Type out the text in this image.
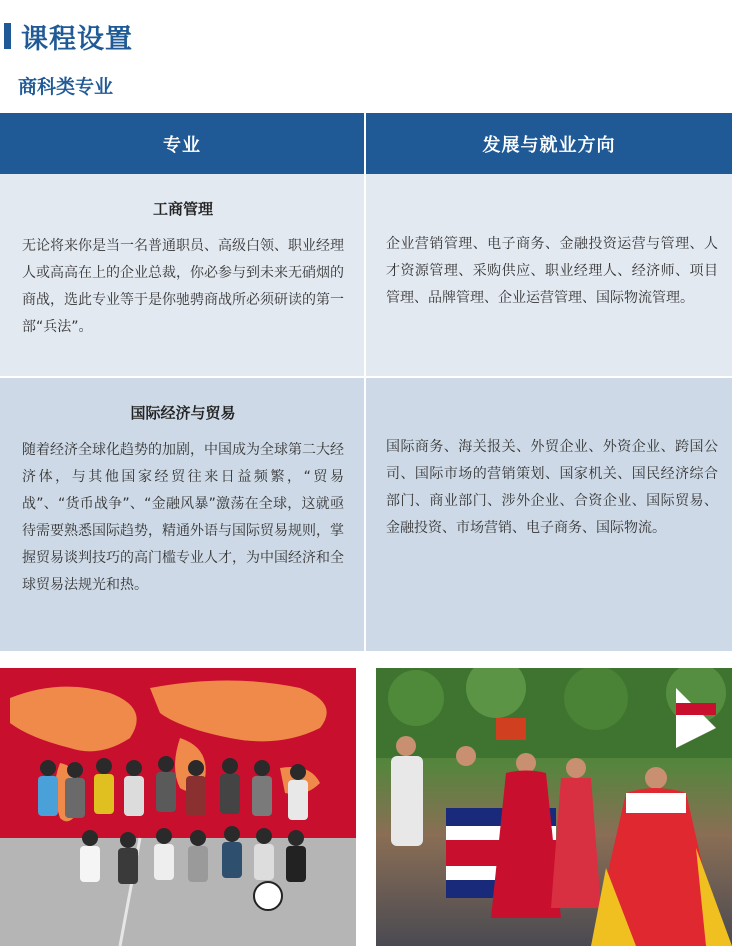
课程设置
商科类专业
专业	发展与就业方向
工商管理
无论将来你是当一名普通职员、高级白领、职业经理人或高高在上的企业总裁，你必参与到未来无硝烟的商战，选此专业等于是你驰骋商战所必须研读的第一部“兵法”。
企业营销管理、电子商务、金融投资运营与管理、人才资源管理、采购供应、职业经理人、经济师、项目管理、品牌管理、企业运营管理、国际物流管理。
国际经济与贸易
随着经济全球化趋势的加剧，中国成为全球第二大经济体，与其他国家经贸往来日益频繁，“贸易战”、“货币战争”、“金融风暴”激荡在全球，这就亟待需要熟悉国际趋势，精通外语与国际贸易规则，掌握贸易谈判技巧的高门槛专业人才，为中国经济和全球贸易法规光和热。
国际商务、海关报关、外贸企业、外资企业、跨国公司、国际市场的营销策划、国家机关、国民经济综合部门、商业部门、涉外企业、合资企业、国际贸易、金融投资、市场营销、电子商务、国际物流。
